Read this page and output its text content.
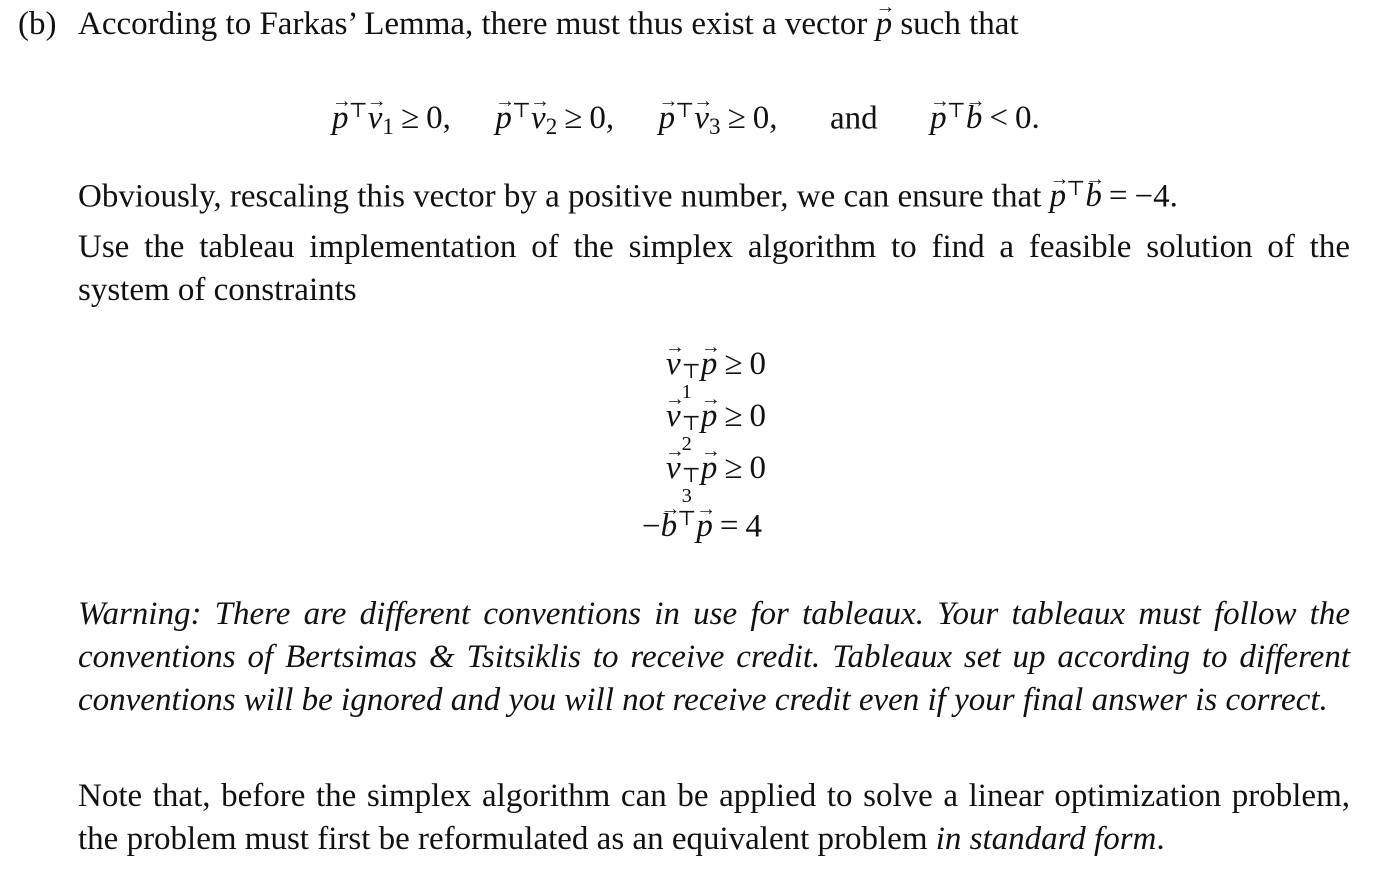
(b) According to Farkas’ Lemma, there must thus exist a vector → p such that
→ p⊤→ v1 ≥ 0, → p⊤→ v2 ≥ 0, → p⊤→ v3 ≥ 0, and → p⊤→ b < 0.
Obviously, rescaling this vector by a positive number, we can ensure that → p⊤→ b = −4.
Use the tableau implementation of the simplex algorithm to find a feasible solution of the system of constraints
→ v ⊤
1
→ p ≥ 0
→ v ⊤
2
→ p ≥ 0
→ v ⊤
3
→ p ≥ 0
−→ b⊤→ p = 4
Warning: There are different conventions in use for tableaux. Your tableaux must follow the conventions of Bertsimas & Tsitsiklis to receive credit. Tableaux set up according to different conventions will be ignored and you will not receive credit even if your final answer is correct.
Note that, before the simplex algorithm can be applied to solve a linear optimization problem, the problem must first be reformulated as an equivalent problem in standard form.
